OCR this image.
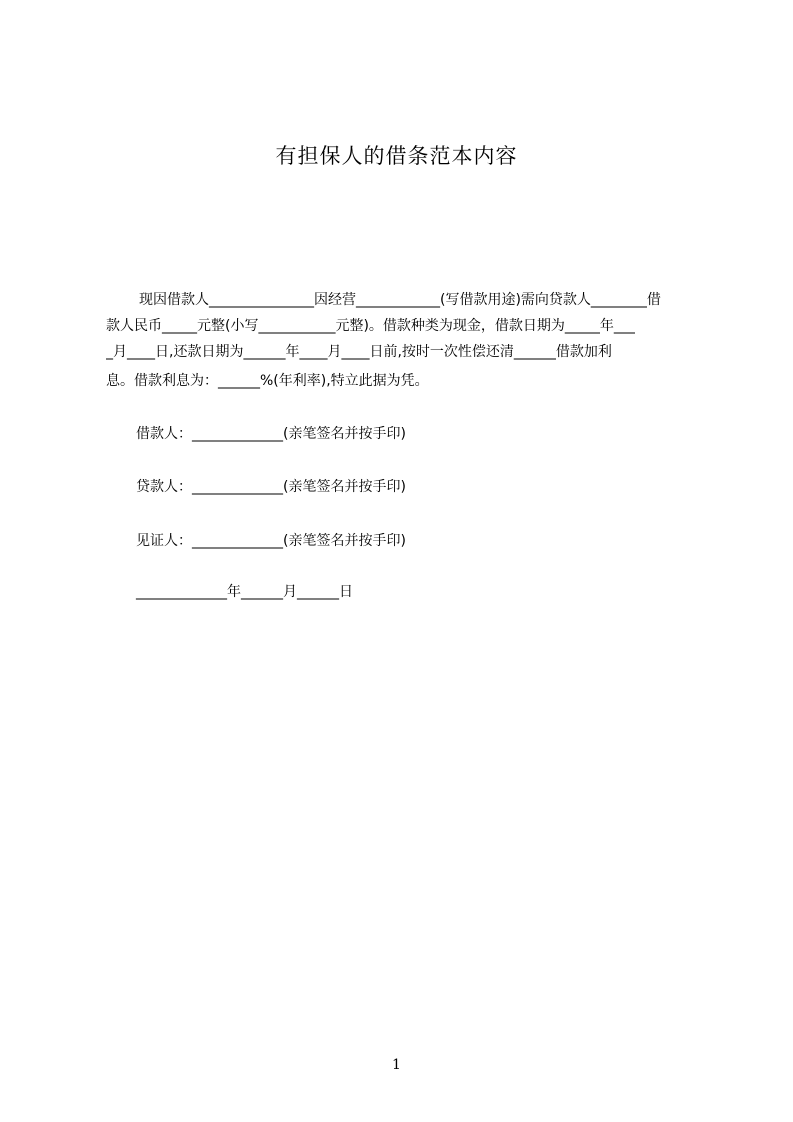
有担保人的借条范本内容
现因借款人_______________因经营____________(写借款用途)需向贷款人________借
款人民币_____元整(小写___________元整)。借款种类为现金，借款日期为_____年___
_月____日,还款日期为______年____月____日前,按时一次性偿还清______借款加利
息。借款利息为：______%(年利率),特立此据为凭。
借款人：_____________(亲笔签名并按手印)
贷款人：_____________(亲笔签名并按手印)
见证人：_____________(亲笔签名并按手印)
_____________年______月______日
1
